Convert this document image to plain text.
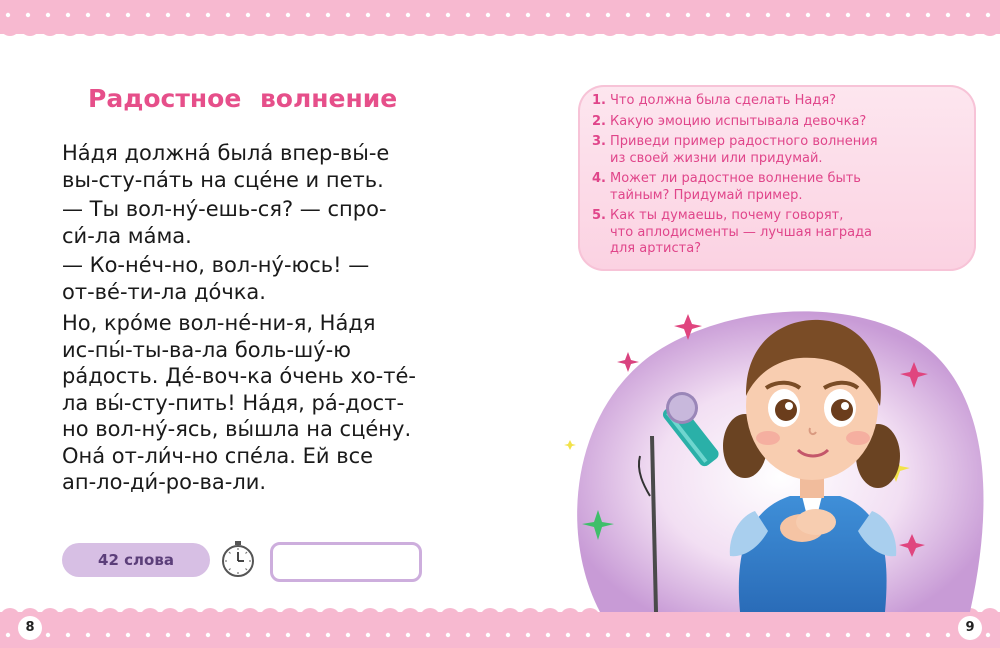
8	9
Радостное волнение
На́дя должна́ была́ впер-вы́-е
вы-сту-па́ть на сце́не и петь.
— Ты вол-ну́-ешь-ся? — спро-
си́-ла ма́ма.
— Ко-не́ч-но, вол-ну́-юсь! —
от-ве́-ти-ла до́чка.
Но, кро́ме вол-не́-ни-я, На́дя
ис-пы́-ты-ва-ла боль-шу́-ю
ра́дость. Де́-воч-ка о́чень хо-те́-
ла вы́-сту-пить! На́дя, ра́-дост-
но вол-ну́-ясь, вы́шла на сце́ну.
Она́ от-ли́ч-но спе́ла. Ей все
ап-ло-ди́-ро-ва-ли.
42 слова
1. Что должна была сделать Надя?
2. Какую эмоцию испытывала девочка?
3. Приведи пример радостного волнения
из своей жизни или придумай.
4. Может ли радостное волнение быть
тайным? Придумай пример.
5. Как ты думаешь, почему говорят,
что аплодисменты — лучшая награда
для артиста?
